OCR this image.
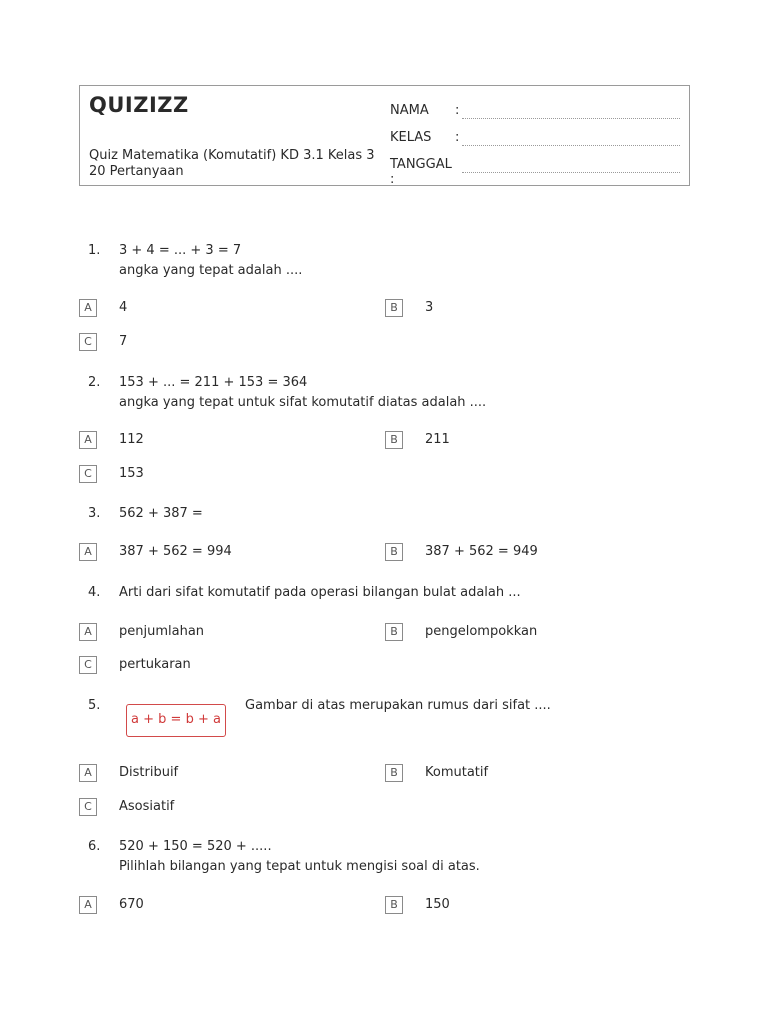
QUIZIZZ
Quiz Matematika (Komutatif) KD 3.1 Kelas 3
20 Pertanyaan
NAMA :
KELAS :
TANGGAL :
1. 3 + 4 = ... + 3 = 7
angka yang tepat adalah ....
A	4	B	3
C	7
2. 153 + ... = 211 + 153 = 364
angka yang tepat untuk sifat komutatif diatas adalah ....
A	112	B	211
C	153
3. 562 + 387 =
A	387 + 562 = 994	B	387 + 562 = 949
4. Arti dari sifat komutatif pada operasi bilangan bulat adalah ...
A	penjumlahan	B	pengelompokkan
C	pertukaran
5.
a + b = b + a
Gambar di atas merupakan rumus dari sifat ....
A	Distribuif	B	Komutatif
C	Asosiatif
6. 520 + 150 = 520 + .....
Pilihlah bilangan yang tepat untuk mengisi soal di atas.
A	670	B	150
